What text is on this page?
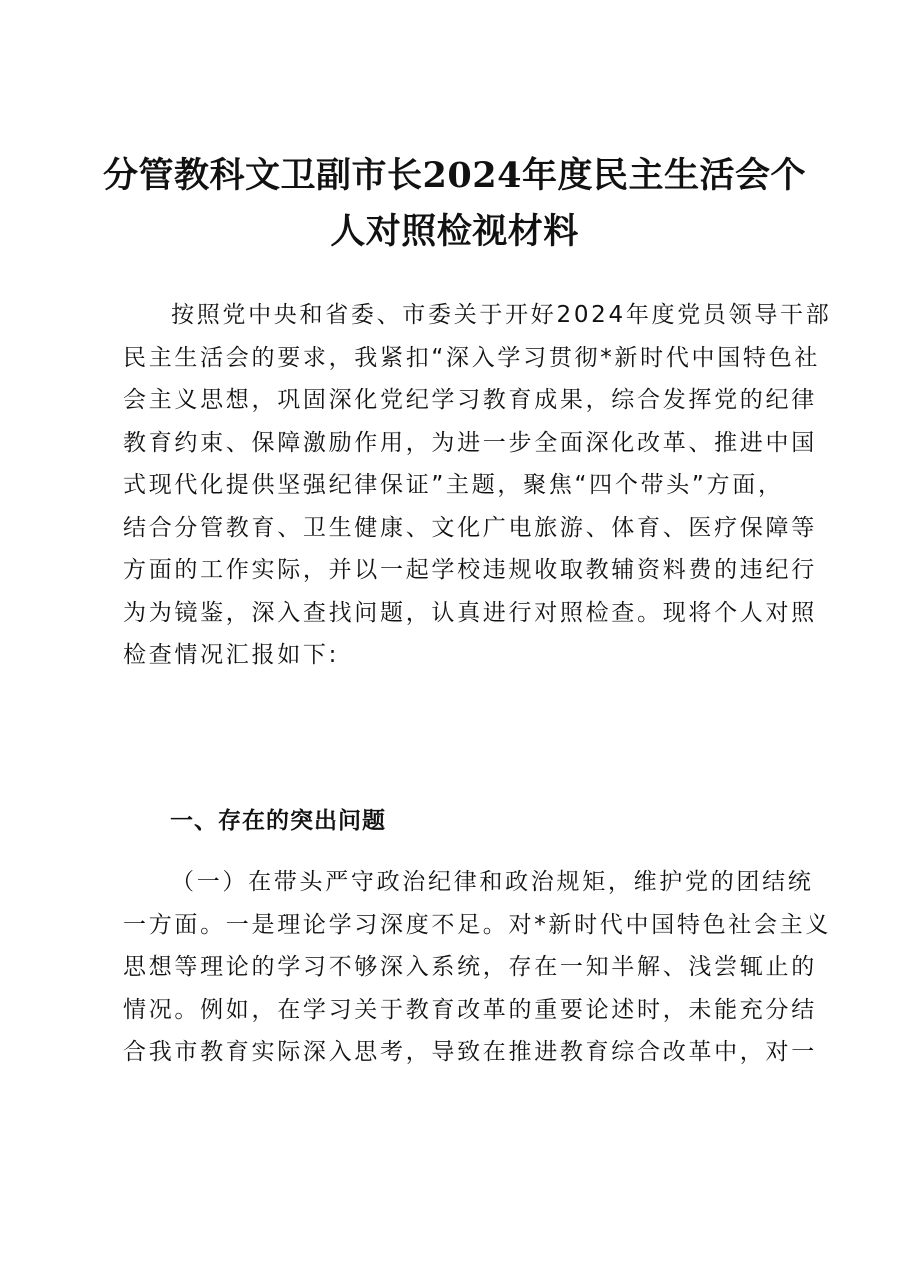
分管教科文卫副市长2024年度民主生活会个
人对照检视材料
按照党中央和省委、市委关于开好2024年度党员领导干部
民主生活会的要求，我紧扣“深入学习贯彻*新时代中国特色社
会主义思想，巩固深化党纪学习教育成果，综合发挥党的纪律
教育约束、保障激励作用，为进一步全面深化改革、推进中国
式现代化提供坚强纪律保证”主题，聚焦“四个带头”方面，
结合分管教育、卫生健康、文化广电旅游、体育、医疗保障等
方面的工作实际，并以一起学校违规收取教辅资料费的违纪行
为为镜鉴，深入查找问题，认真进行对照检查。现将个人对照
检查情况汇报如下:
一、存在的突出问题
（一）在带头严守政治纪律和政治规矩，维护党的团结统
一方面。一是理论学习深度不足。对*新时代中国特色社会主义
思想等理论的学习不够深入系统，存在一知半解、浅尝辄止的
情况。例如，在学习关于教育改革的重要论述时，未能充分结
合我市教育实际深入思考，导致在推进教育综合改革中，对一
